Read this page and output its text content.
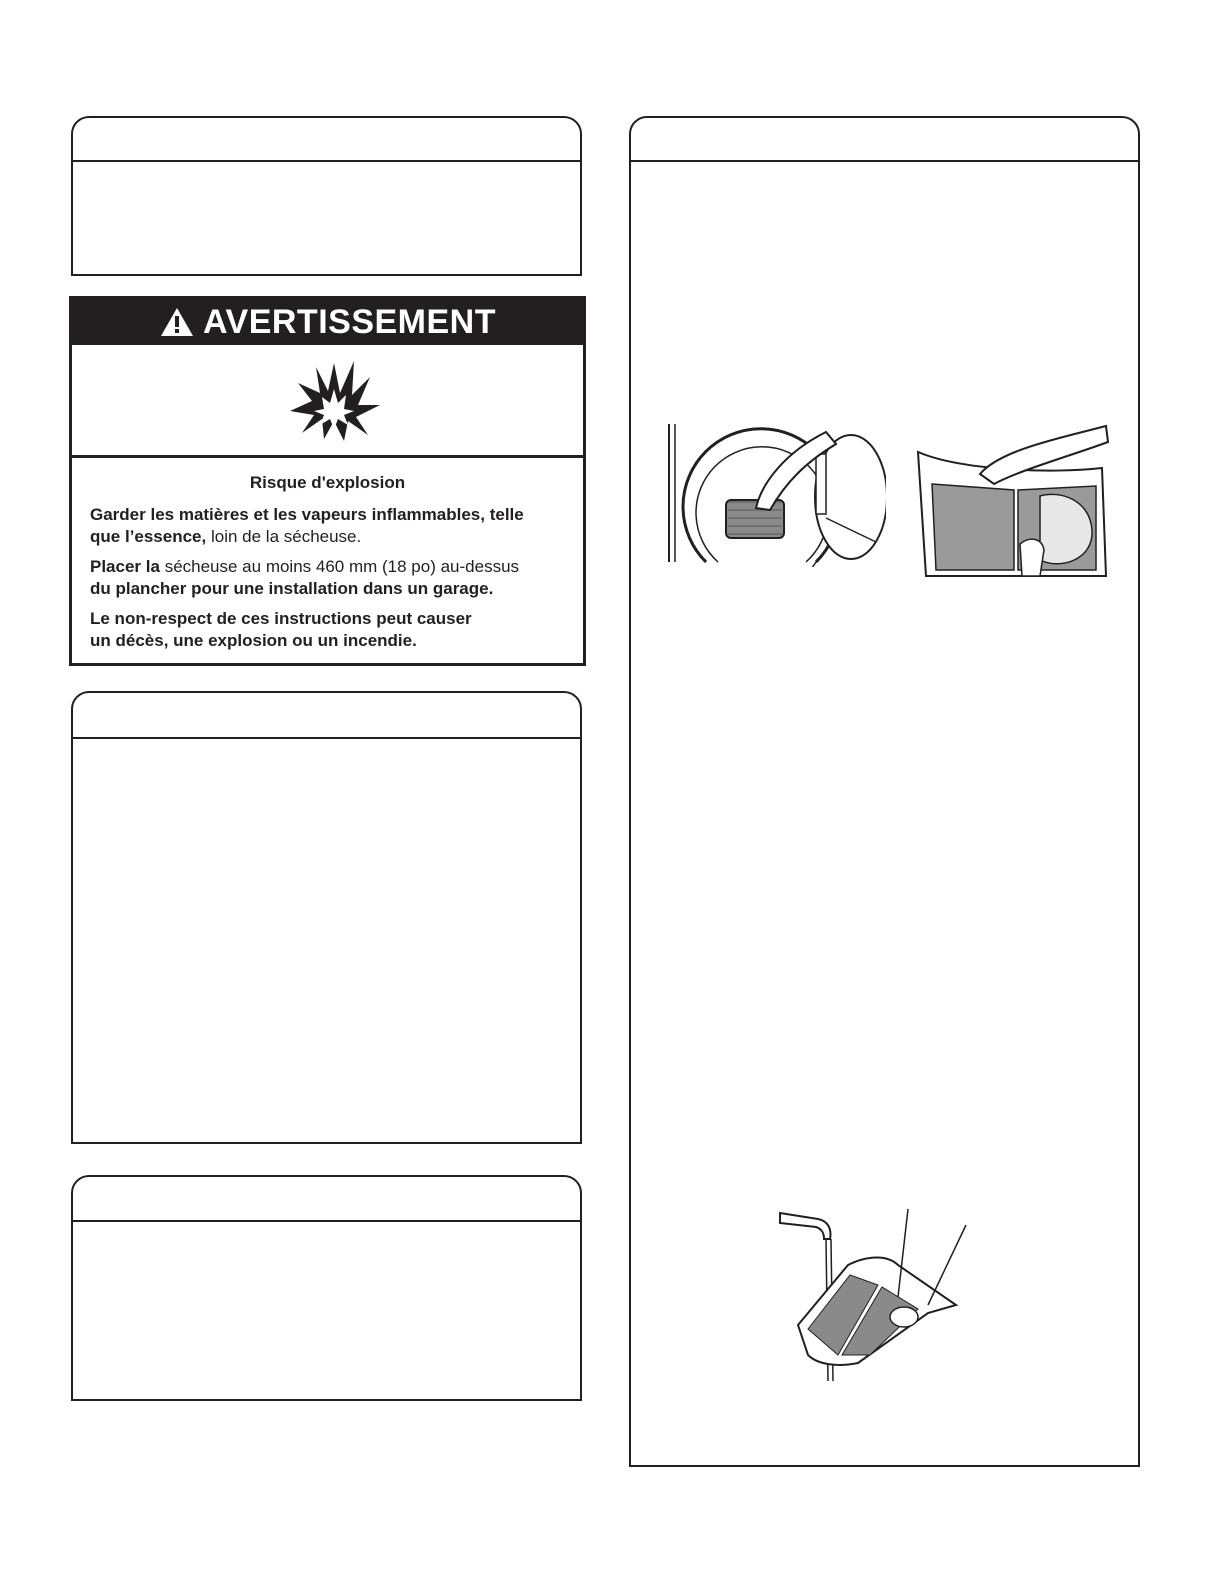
AVERTISSEMENT
Risque d'explosion

Garder les matières et les vapeurs inflammables, telle
que l’essence, loin de la sécheuse.

Placer la sécheuse au moins 460 mm (18 po) au-dessus
du plancher pour une installation dans un garage.

Le non-respect de ces instructions peut causer
un décès, une explosion ou un incendie.
